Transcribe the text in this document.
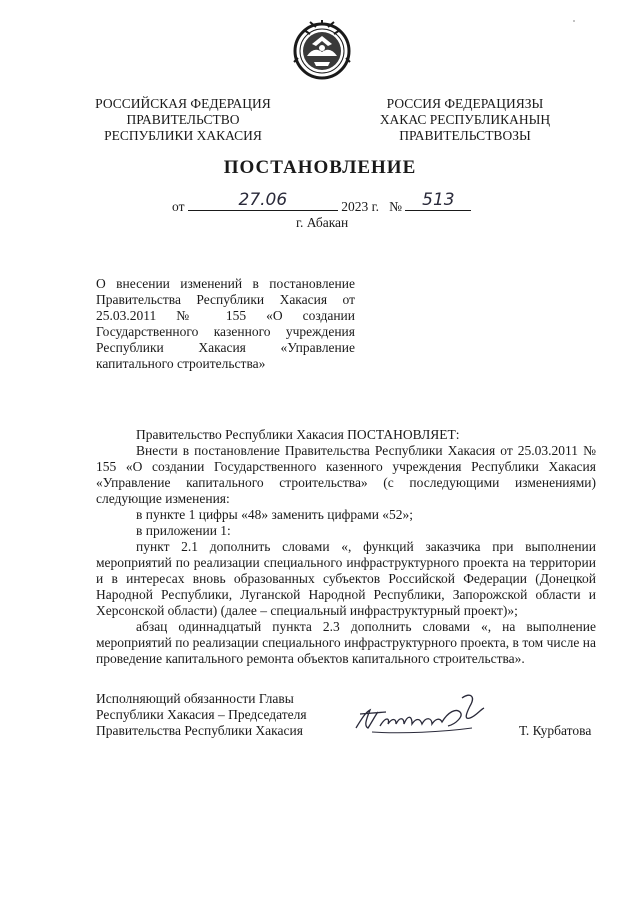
РОССИЙСКАЯ ФЕДЕРАЦИЯ
ПРАВИТЕЛЬСТВО
РЕСПУБЛИКИ ХАКАСИЯ
РОССИЯ ФЕДЕРАЦИЯЗЫ
ХАКАС РЕСПУБЛИКАНЫҢ
ПРАВИТЕЛЬСТВОЗЫ
ПОСТАНОВЛЕНИЕ
от	27.06	2023 г. №	513
г. Абакан
О внесении изменений в постановление Правительства Республики Хакасия от 25.03.2011 № 155 «О создании Государственного казенного учреждения Республики Хакасия «Управление капитального строительства»

Правительство Республики Хакасия ПОСТАНОВЛЯЕТ:

Внести в постановление Правительства Республики Хакасия от 25.03.2011 № 155 «О создании Государственного казенного учреждения Республики Хакасия «Управление капитального строительства» (с последующими изменениями) следующие изменения:

в пункте 1 цифры «48» заменить цифрами «52»;

в приложении 1:

пункт 2.1 дополнить словами «, функций заказчика при выполнении мероприятий по реализации специального инфраструктурного проекта на территории и в интересах вновь образованных субъектов Российской Федерации (Донецкой Народной Республики, Луганской Народной Республики, Запорожской области и Херсонской области) (далее – специальный инфраструктурный проект)»;

абзац одиннадцатый пункта 2.3 дополнить словами «, на выполнение мероприятий по реализации специального инфраструктурного проекта, в том числе на проведение капитального ремонта объектов капитального строительства».

Исполняющий обязанности Главы
Республики Хакасия – Председателя
Правительства Республики Хакасия	Т. Курбатова
